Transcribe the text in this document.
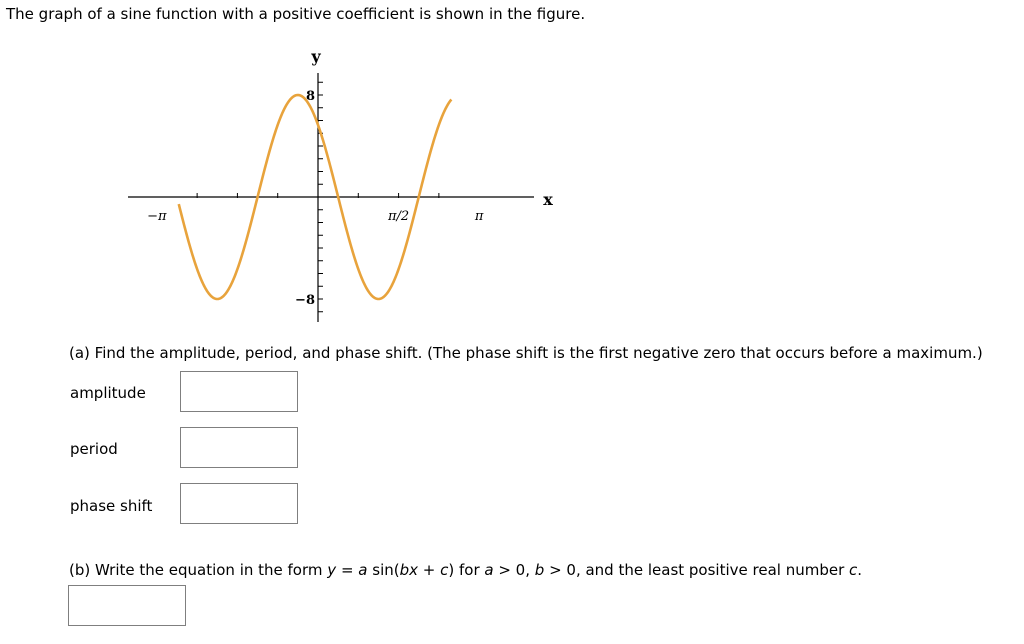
The graph of a sine function with a positive coefficient is shown in the figure.
y
x
−π	π/2	π
8
−8
(a) Find the amplitude, period, and phase shift. (The phase shift is the first negative zero that occurs before a maximum.)
amplitude
period
phase shift
(b) Write the equation in the form y = a sin(bx + c) for a > 0, b > 0, and the least positive real number c.
